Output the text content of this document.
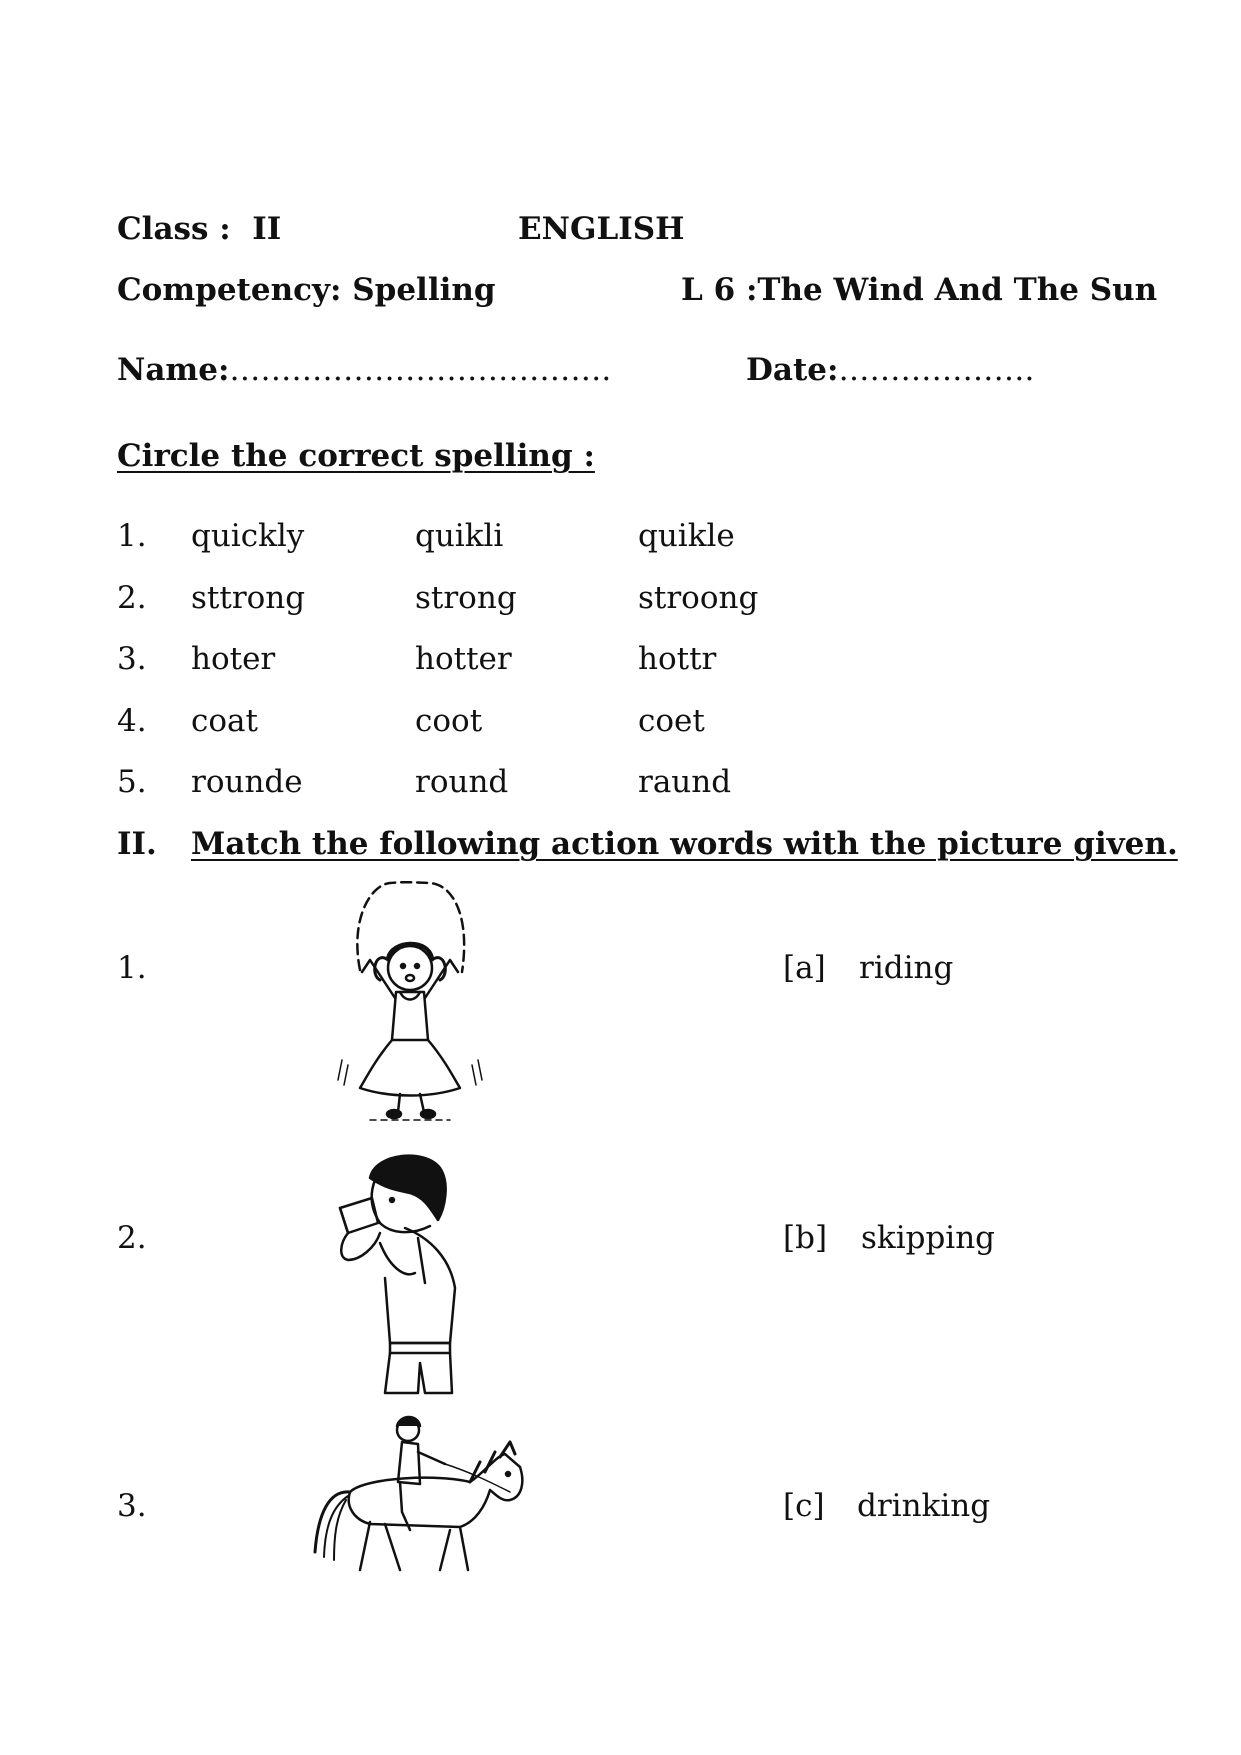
Class : II	ENGLISH
Competency: Spelling	L 6 :The Wind And The Sun
Name:……………………………….	Date:……………….
Circle the correct spelling :
1. quickly	quikli	quikle
2. sttrong	strong	stroong
3. hoter	hotter	hottr
4. coat	coot	coet
5. rounde	round	raund
II. Match the following action words with the picture given.
1.	[a] riding
2.	[b] skipping
3.	[c] drinking
